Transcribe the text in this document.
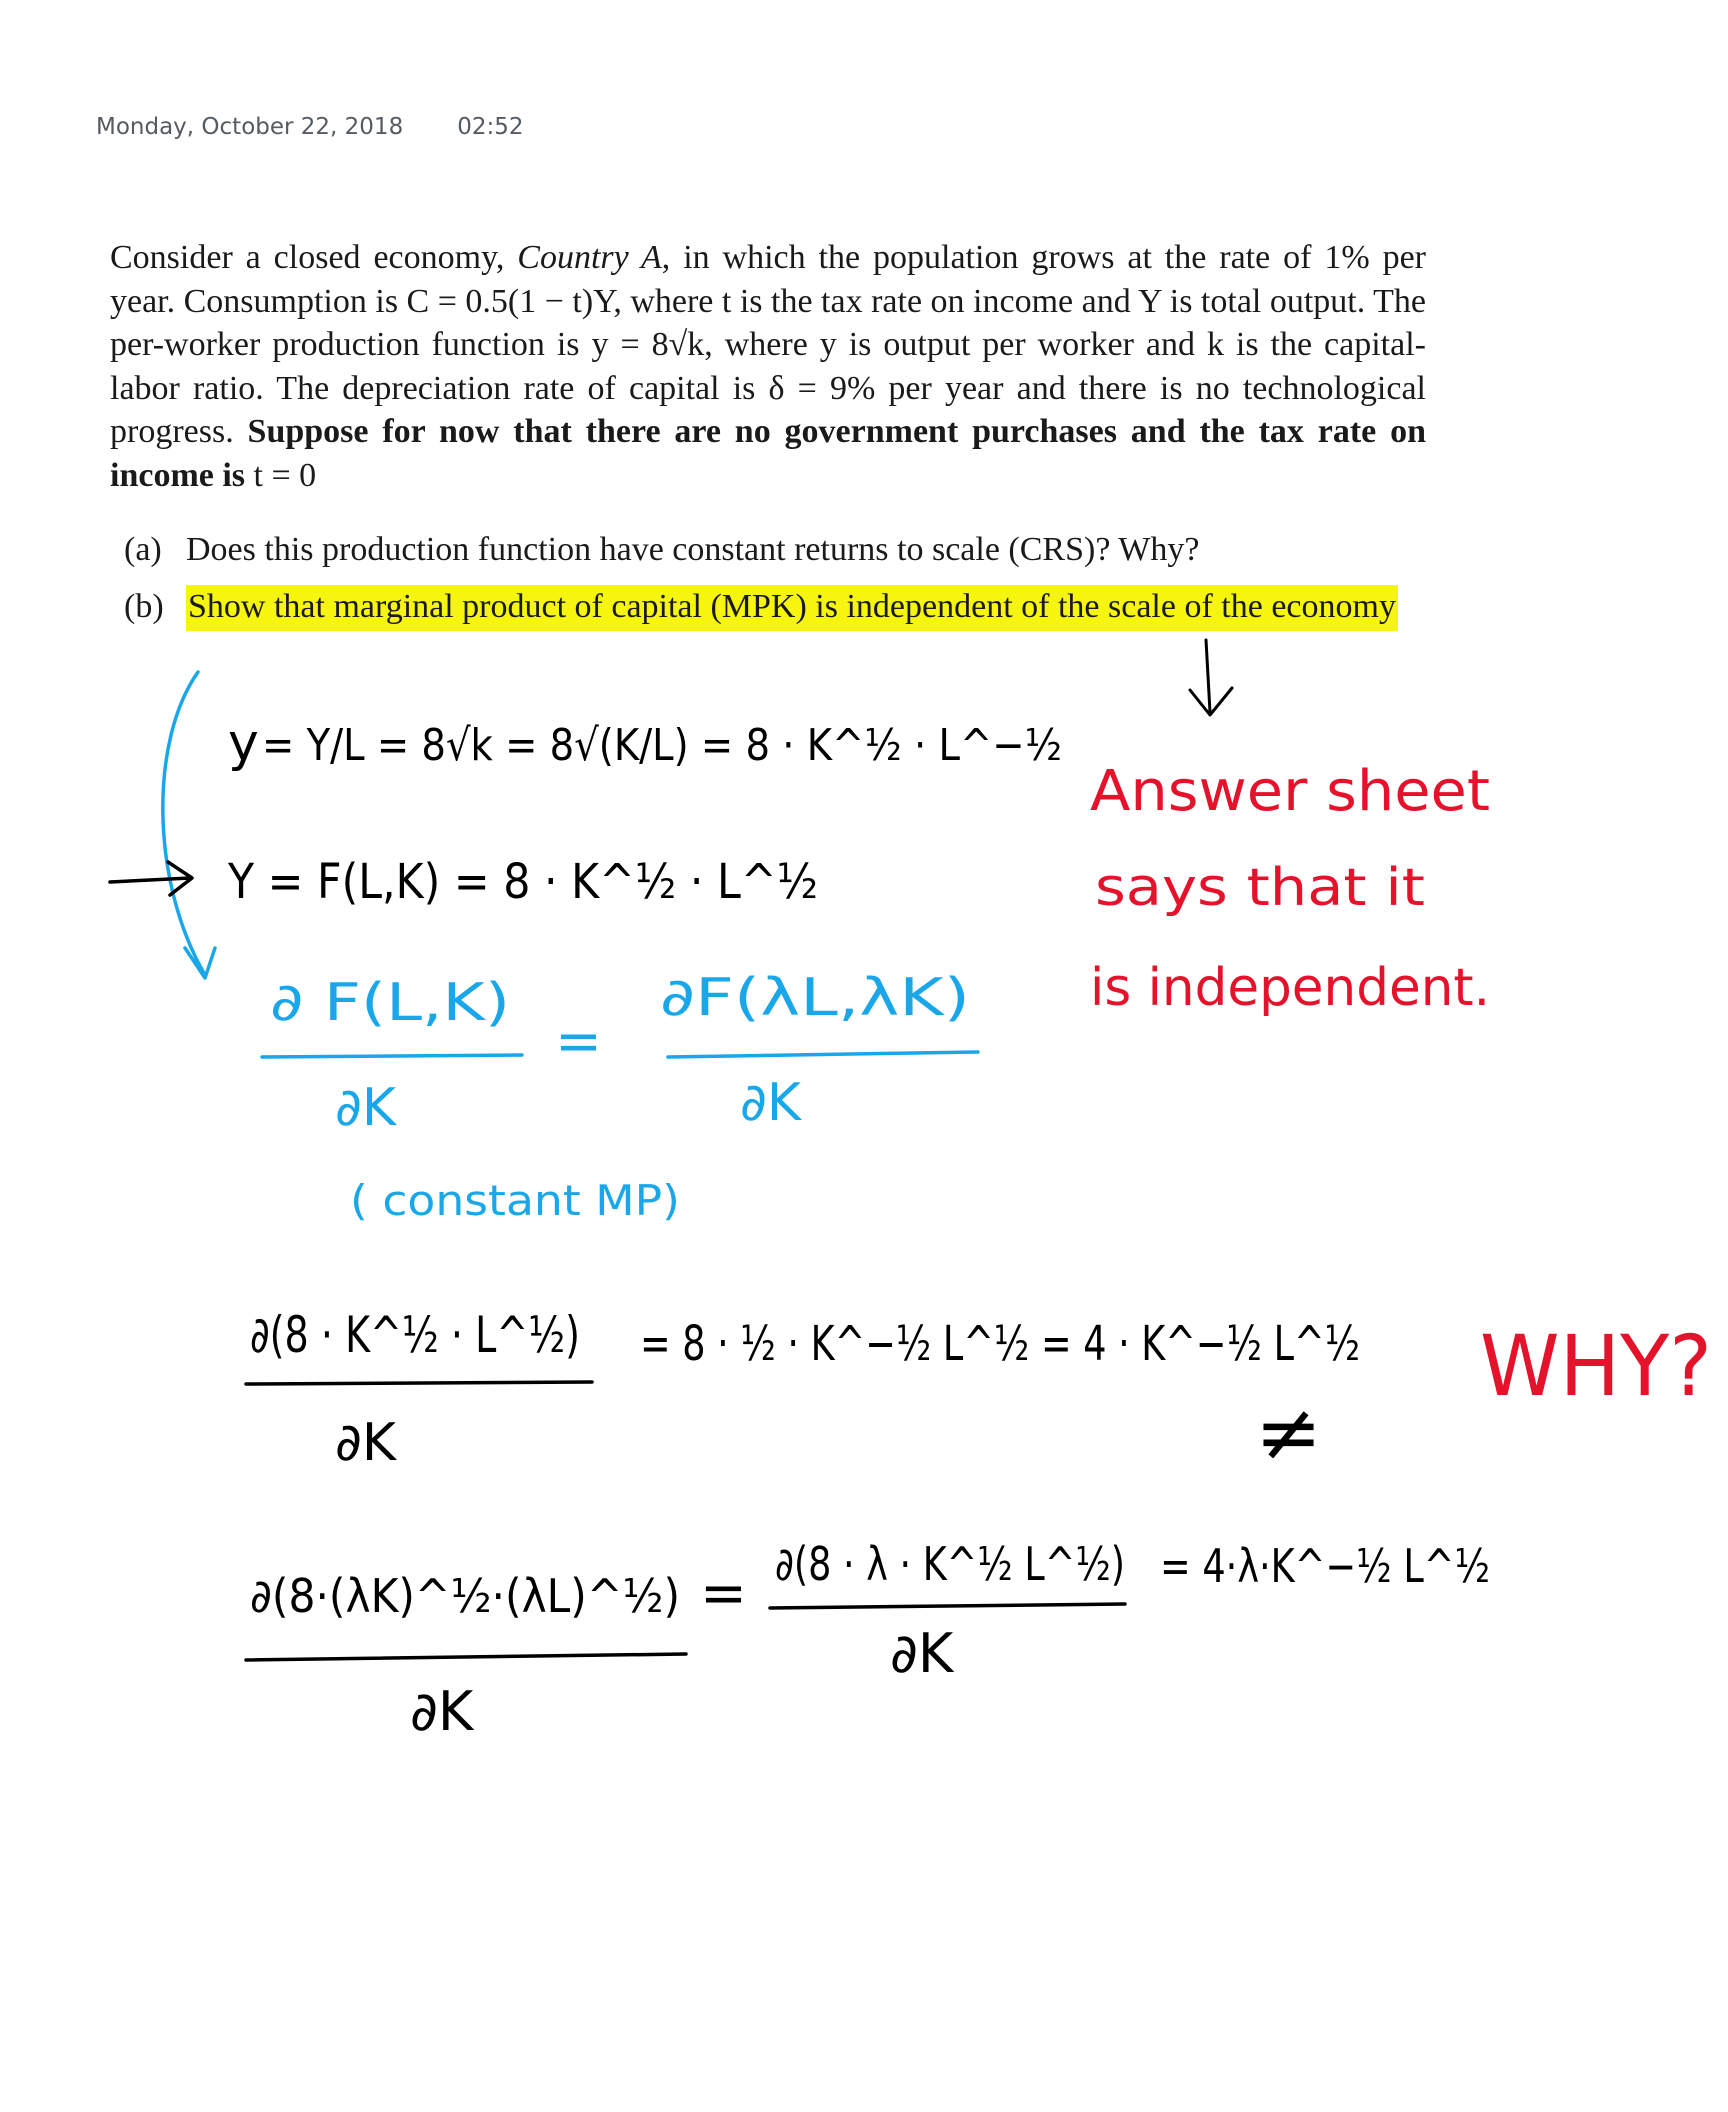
Monday, October 22, 2018 02:52
Consider a closed economy, Country A, in which the population grows at the rate of 1% per year. Consumption is C = 0.5(1 − t)Y, where t is the tax rate on income and Y is total output. The per-worker production function is y = 8√k, where y is output per worker and k is the capital-labor ratio. The depreciation rate of capital is δ = 9% per year and there is no technological progress. Suppose for now that there are no government purchases and the tax rate on income is t = 0
(a) Does this production function have constant returns to scale (CRS)? Why?
(b) Show that marginal product of capital (MPK) is independent of the scale of the economy
y = Y/L = 8√k = 8√(K/L) = 8 · K^½ · L^−½
Y = F(L,K) = 8 · K^½ · L^½
∂ F(L,K)
=
∂F(λL,λK)
∂K	∂K
( constant MP)
∂(8 · K^½ · L^½)
∂K
= 8 · ½ · K^−½ L^½ = 4 · K^−½ L^½
≠
∂(8·(λK)^½·(λL)^½) = ∂(8 · λ · K^½ L^½)
∂K
∂K
= 4·λ·K^−½ L^½
Answer sheet
says that it
is independent.
WHY?
